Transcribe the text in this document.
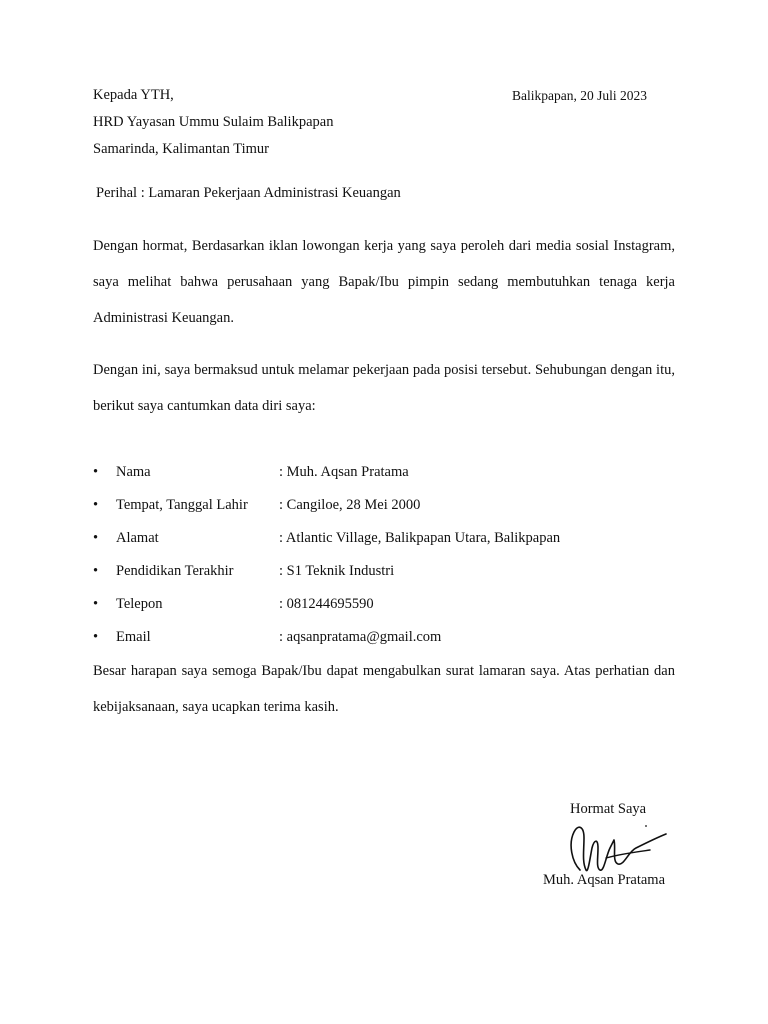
Kepada YTH,
HRD Yayasan Ummu Sulaim Balikpapan
Samarinda, Kalimantan Timur
Balikpapan, 20 Juli 2023
Perihal : Lamaran Pekerjaan Administrasi Keuangan
Dengan hormat, Berdasarkan iklan lowongan kerja yang saya peroleh dari media sosial Instagram, saya melihat bahwa perusahaan yang Bapak/Ibu pimpin sedang membutuhkan tenaga kerja Administrasi Keuangan.
Dengan ini, saya bermaksud untuk melamar pekerjaan pada posisi tersebut. Sehubungan dengan itu, berikut saya cantumkan data diri saya:
•	Nama	: Muh. Aqsan Pratama
•	Tempat, Tanggal Lahir : Cangiloe, 28 Mei 2000
•	Alamat	: Atlantic Village, Balikpapan Utara, Balikpapan
•	Pendidikan Terakhir	: S1 Teknik Industri
•	Telepon	: 081244695590
•	Email	: aqsanpratama@gmail.com
Besar harapan saya semoga Bapak/Ibu dapat mengabulkan surat lamaran saya. Atas perhatian dan kebijaksanaan, saya ucapkan terima kasih.
Hormat Saya
Muh. Aqsan Pratama
